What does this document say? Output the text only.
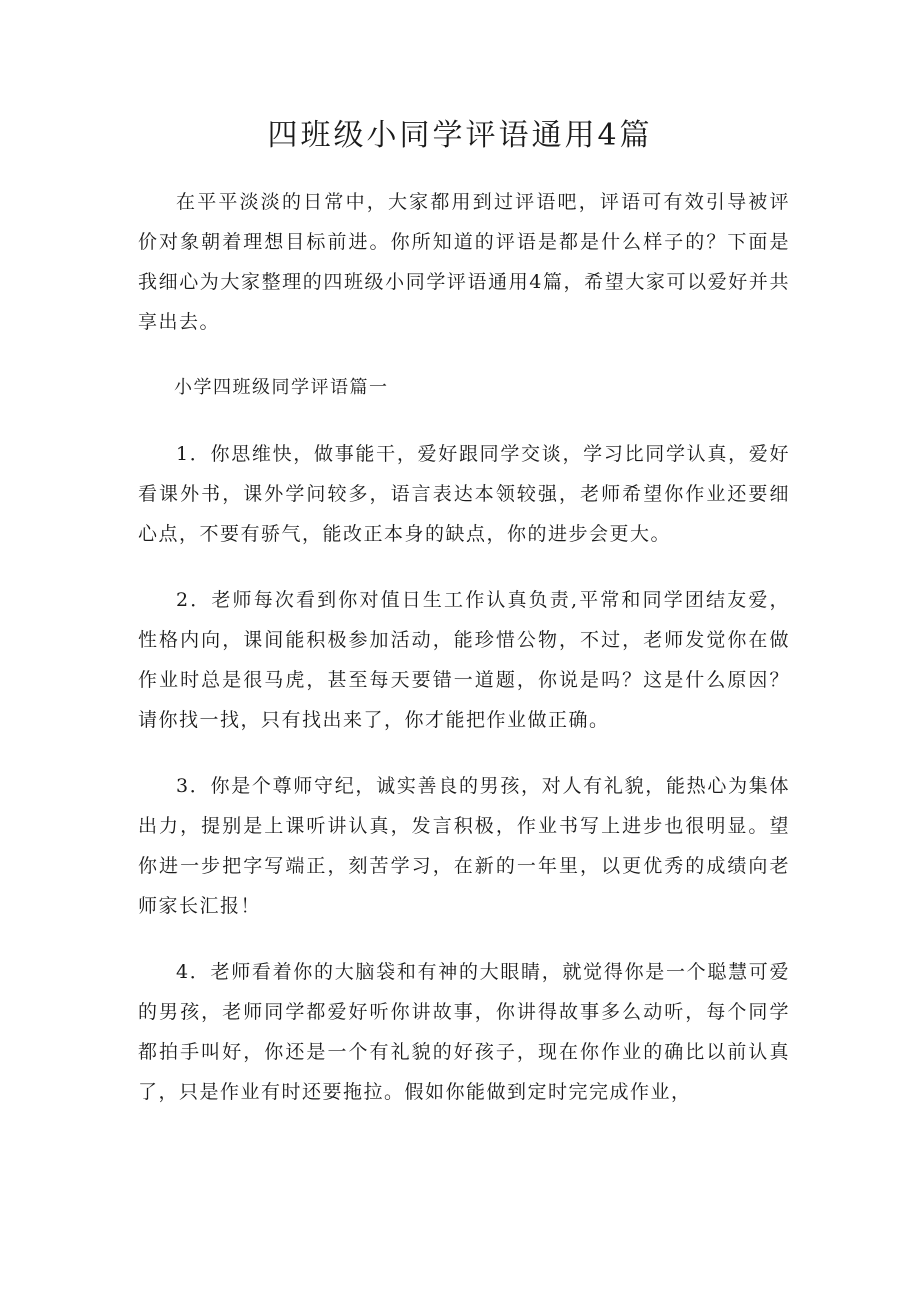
四班级小同学评语通用4篇

在平平淡淡的日常中，大家都用到过评语吧，评语可有效引导被评价对象朝着理想目标前进。你所知道的评语是都是什么样子的？下面是我细心为大家整理的四班级小同学评语通用4篇，希望大家可以爱好并共享出去。

小学四班级同学评语篇一

1．你思维快，做事能干，爱好跟同学交谈，学习比同学认真，爱好看课外书，课外学问较多，语言表达本领较强，老师希望你作业还要细心点，不要有骄气，能改正本身的缺点，你的进步会更大。

2．老师每次看到你对值日生工作认真负责,平常和同学团结友爱，性格内向，课间能积极参加活动，能珍惜公物，不过，老师发觉你在做作业时总是很马虎，甚至每天要错一道题，你说是吗？这是什么原因？请你找一找，只有找出来了，你才能把作业做正确。

3．你是个尊师守纪，诚实善良的男孩，对人有礼貌，能热心为集体出力，提别是上课听讲认真，发言积极，作业书写上进步也很明显。望你进一步把字写端正，刻苦学习，在新的一年里，以更优秀的成绩向老师家长汇报！

4．老师看着你的大脑袋和有神的大眼睛，就觉得你是一个聪慧可爱的男孩，老师同学都爱好听你讲故事，你讲得故事多么动听，每个同学都拍手叫好，你还是一个有礼貌的好孩子，现在你作业的确比以前认真了，只是作业有时还要拖拉。假如你能做到定时完完成作业，
